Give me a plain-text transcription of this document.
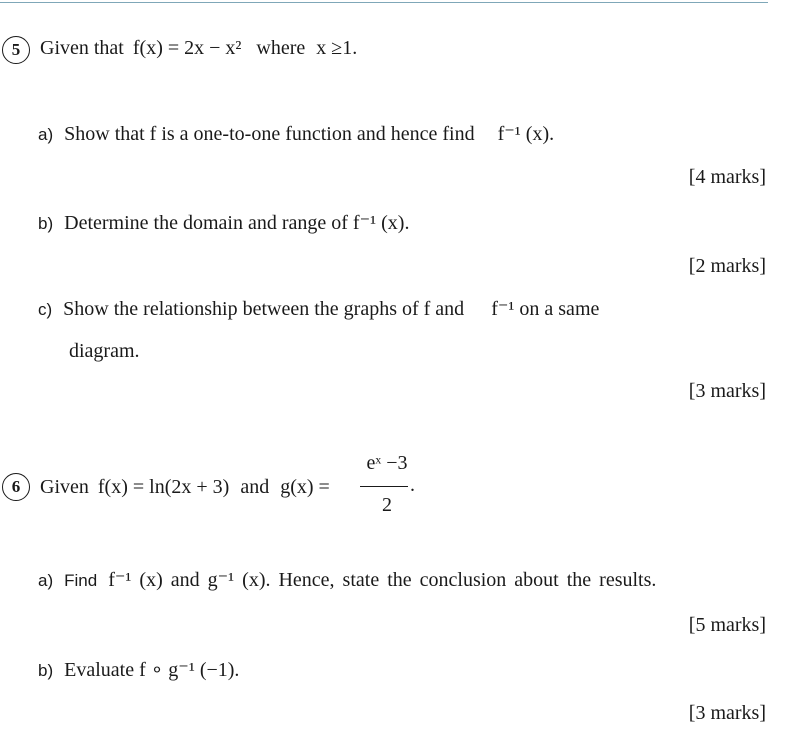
5 Given that f(x) = 2x − x² where x ≥1.
a) Show that f is a one-to-one function and hence find f⁻¹ (x).
[4 marks]
b) Determine the domain and range of f⁻¹ (x).
[2 marks]
c) Show the relationship between the graphs of f and f⁻¹ on a same
diagram.
[3 marks]
6 Given f(x) = ln(2x + 3) and g(x) =
eˣ −3
2
.
a) Find f⁻¹ (x) and g⁻¹ (x). Hence, state the conclusion about the results.
[5 marks]
b) Evaluate f ∘ g⁻¹ (−1).
[3 marks]
